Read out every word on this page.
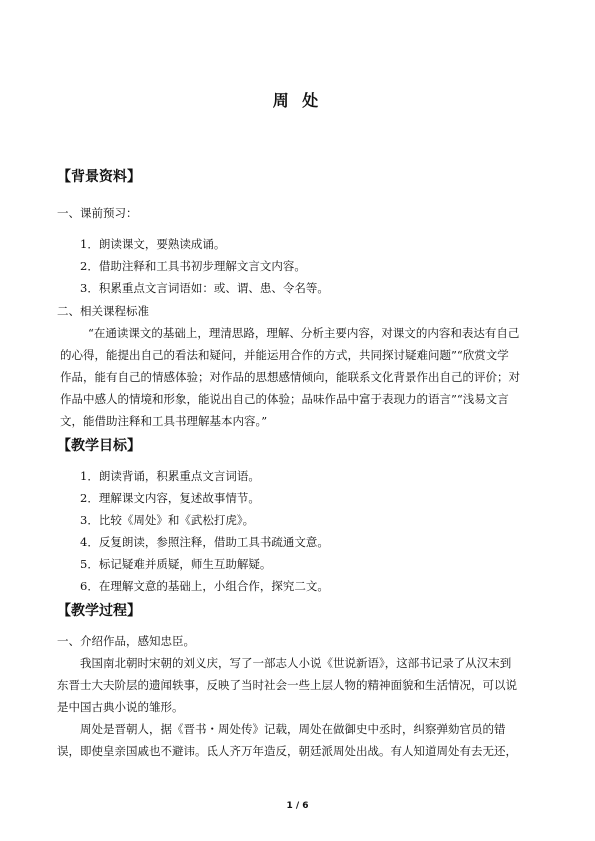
周 处
【背景资料】
一、课前预习：
1．朗读课文，要熟读成诵。
2．借助注释和工具书初步理解文言文内容。
3．积累重点文言词语如：或、谓、患、令名等。
二、相关课程标准
“在通读课文的基础上，理清思路，理解、分析主要内容，对课文的内容和表达有自己
的心得，能提出自己的看法和疑问，并能运用合作的方式，共同探讨疑难问题”“欣赏文学
作品，能有自己的情感体验；对作品的思想感情倾向，能联系文化背景作出自己的评价；对
作品中感人的情境和形象，能说出自己的体验；品味作品中富于表现力的语言”“浅易文言
文，能借助注释和工具书理解基本内容。”
【教学目标】
1．朗读背诵，积累重点文言词语。
2．理解课文内容，复述故事情节。
3．比较《周处》和《武松打虎》。
4．反复朗读，参照注释，借助工具书疏通文意。
5．标记疑难并质疑，师生互助解疑。
6．在理解文意的基础上，小组合作，探究二文。
【教学过程】
一、介绍作品，感知忠臣。
我国南北朝时宋朝的刘义庆，写了一部志人小说《世说新语》，这部书记录了从汉末到
东晋士大夫阶层的遗闻轶事，反映了当时社会一些上层人物的精神面貌和生活情况，可以说
是中国古典小说的雏形。
周处是晋朝人，据《晋书・周处传》记载，周处在做御史中丞时，纠察弹劾官员的错
误，即使皇亲国戚也不避讳。氐人齐万年造反，朝廷派周处出战。有人知道周处有去无还，
1 / 6
